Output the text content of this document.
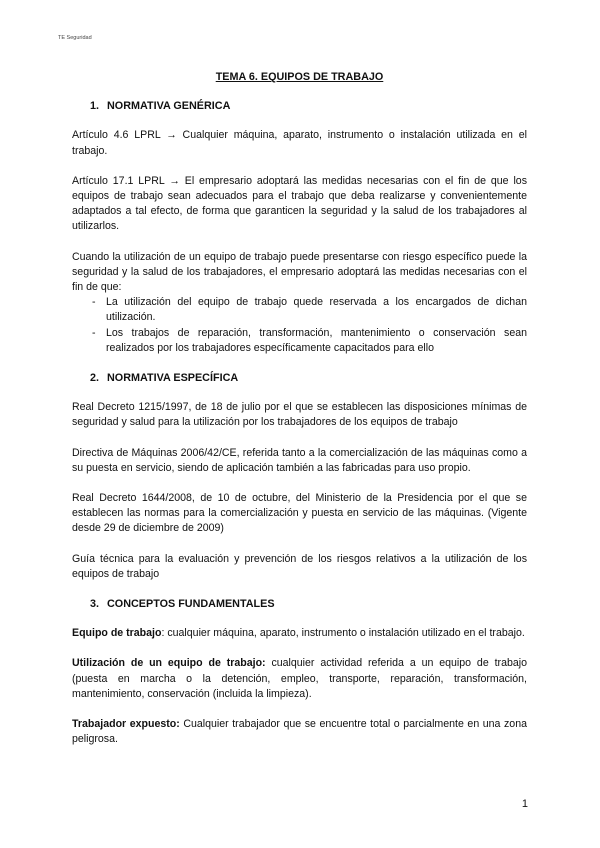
TE Seguridad
TEMA 6. EQUIPOS DE TRABAJO
1. NORMATIVA GENÉRICA

Artículo 4.6 LPRL → Cualquier máquina, aparato, instrumento o instalación utilizada en el trabajo.

Artículo 17.1 LPRL → El empresario adoptará las medidas necesarias con el fin de que los equipos de trabajo sean adecuados para el trabajo que deba realizarse y convenientemente adaptados a tal efecto, de forma que garanticen la seguridad y la salud de los trabajadores al utilizarlos.

Cuando la utilización de un equipo de trabajo puede presentarse con riesgo específico puede la seguridad y la salud de los trabajadores, el empresario adoptará las medidas necesarias con el fin de que:

- La utilización del equipo de trabajo quede reservada a los encargados de dichan utilización.
- Los trabajos de reparación, transformación, mantenimiento o conservación sean realizados por los trabajadores específicamente capacitados para ello
2. NORMATIVA ESPECÍFICA

Real Decreto 1215/1997, de 18 de julio por el que se establecen las disposiciones mínimas de seguridad y salud para la utilización por los trabajadores de los equipos de trabajo

Directiva de Máquinas 2006/42/CE, referida tanto a la comercialización de las máquinas como a su puesta en servicio, siendo de aplicación también a las fabricadas para uso propio.

Real Decreto 1644/2008, de 10 de octubre, del Ministerio de la Presidencia por el que se establecen las normas para la comercialización y puesta en servicio de las máquinas. (Vigente desde 29 de diciembre de 2009)

Guía técnica para la evaluación y prevención de los riesgos relativos a la utilización de los equipos de trabajo

3. CONCEPTOS FUNDAMENTALES

Equipo de trabajo: cualquier máquina, aparato, instrumento o instalación utilizado en el trabajo.

Utilización de un equipo de trabajo: cualquier actividad referida a un equipo de trabajo (puesta en marcha o la detención, empleo, transporte, reparación, transformación, mantenimiento, conservación (incluida la limpieza).

Trabajador expuesto: Cualquier trabajador que se encuentre total o parcialmente en una zona peligrosa.

1
